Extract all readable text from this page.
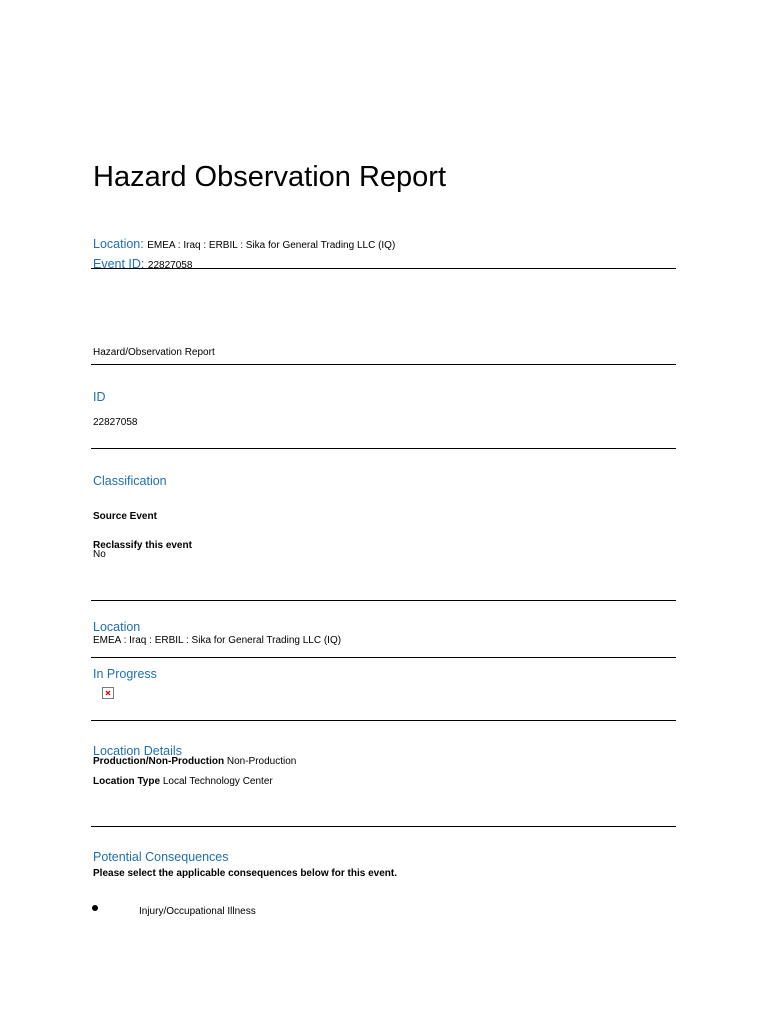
Hazard Observation Report
Location: EMEA : Iraq : ERBIL : Sika for General Trading LLC (IQ)
Event ID: 22827058
Hazard/Observation Report
ID
22827058
Classification
Source Event
Reclassify this event
No
Location
EMEA : Iraq : ERBIL : Sika for General Trading LLC (IQ)
In Progress
Location Details
Production/Non-Production Non-Production
Location Type Local Technology Center
Potential Consequences
Please select the applicable consequences below for this event.
Injury/Occupational Illness
